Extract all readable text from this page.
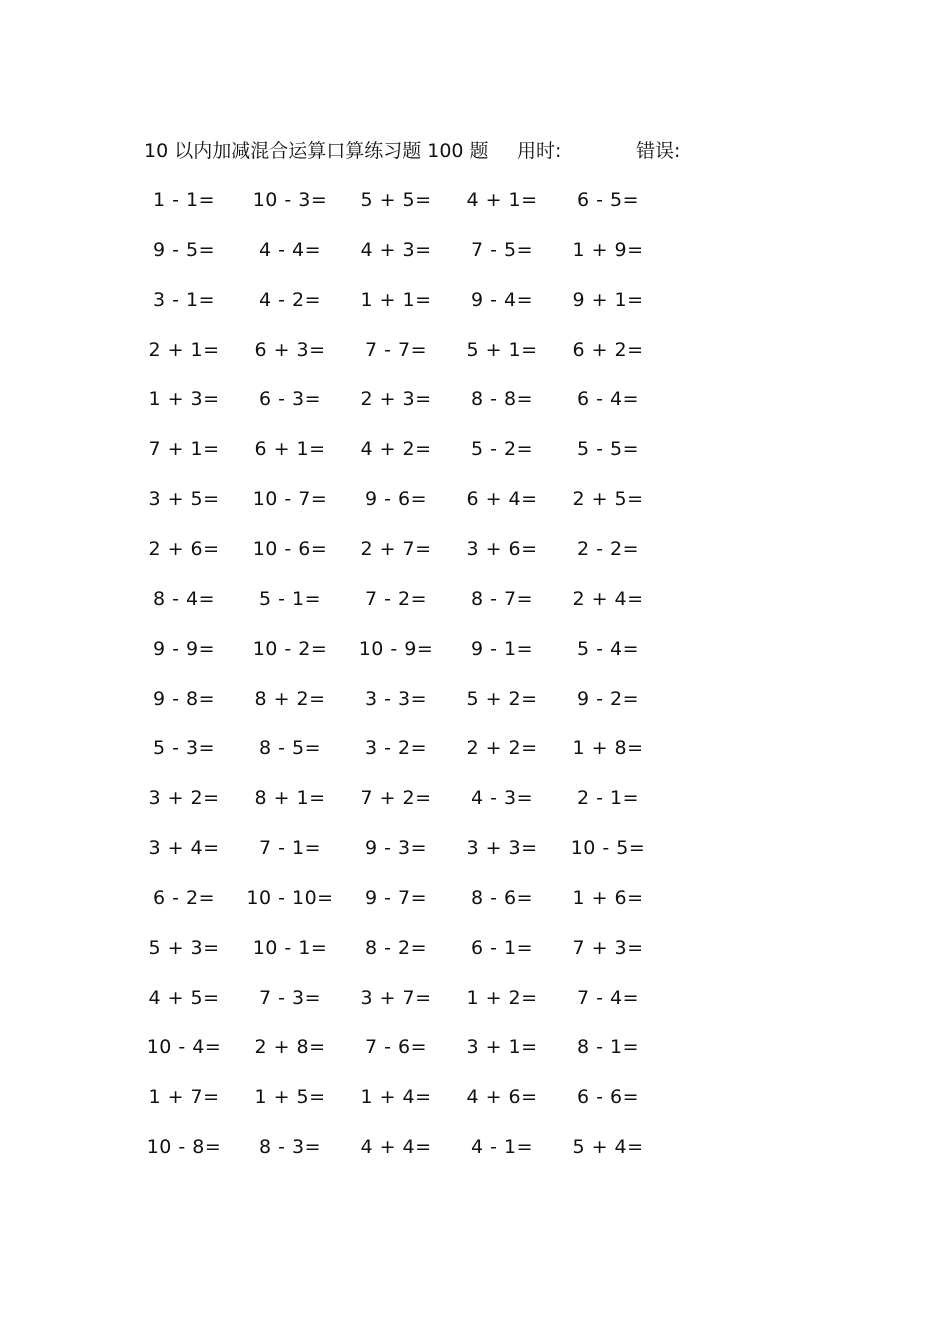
10 以内加减混合运算口算练习题 100 题 用时:	错误:
1 - 1=	10 - 3=	5 + 5=	4 + 1=	6 - 5=
9 - 5=	4 - 4=	4 + 3=	7 - 5=	1 + 9=
3 - 1=	4 - 2=	1 + 1=	9 - 4=	9 + 1=
2 + 1=	6 + 3=	7 - 7=	5 + 1=	6 + 2=
1 + 3=	6 - 3=	2 + 3=	8 - 8=	6 - 4=
7 + 1=	6 + 1=	4 + 2=	5 - 2=	5 - 5=
3 + 5=	10 - 7=	9 - 6=	6 + 4=	2 + 5=
2 + 6=	10 - 6=	2 + 7=	3 + 6=	2 - 2=
8 - 4=	5 - 1=	7 - 2=	8 - 7=	2 + 4=
9 - 9=	10 - 2=	10 - 9=	9 - 1=	5 - 4=
9 - 8=	8 + 2=	3 - 3=	5 + 2=	9 - 2=
5 - 3=	8 - 5=	3 - 2=	2 + 2=	1 + 8=
3 + 2=	8 + 1=	7 + 2=	4 - 3=	2 - 1=
3 + 4=	7 - 1=	9 - 3=	3 + 3=	10 - 5=
6 - 2=	10 - 10=	9 - 7=	8 - 6=	1 + 6=
5 + 3=	10 - 1=	8 - 2=	6 - 1=	7 + 3=
4 + 5=	7 - 3=	3 + 7=	1 + 2=	7 - 4=
10 - 4=	2 + 8=	7 - 6=	3 + 1=	8 - 1=
1 + 7=	1 + 5=	1 + 4=	4 + 6=	6 - 6=
10 - 8=	8 - 3=	4 + 4=	4 - 1=	5 + 4=
